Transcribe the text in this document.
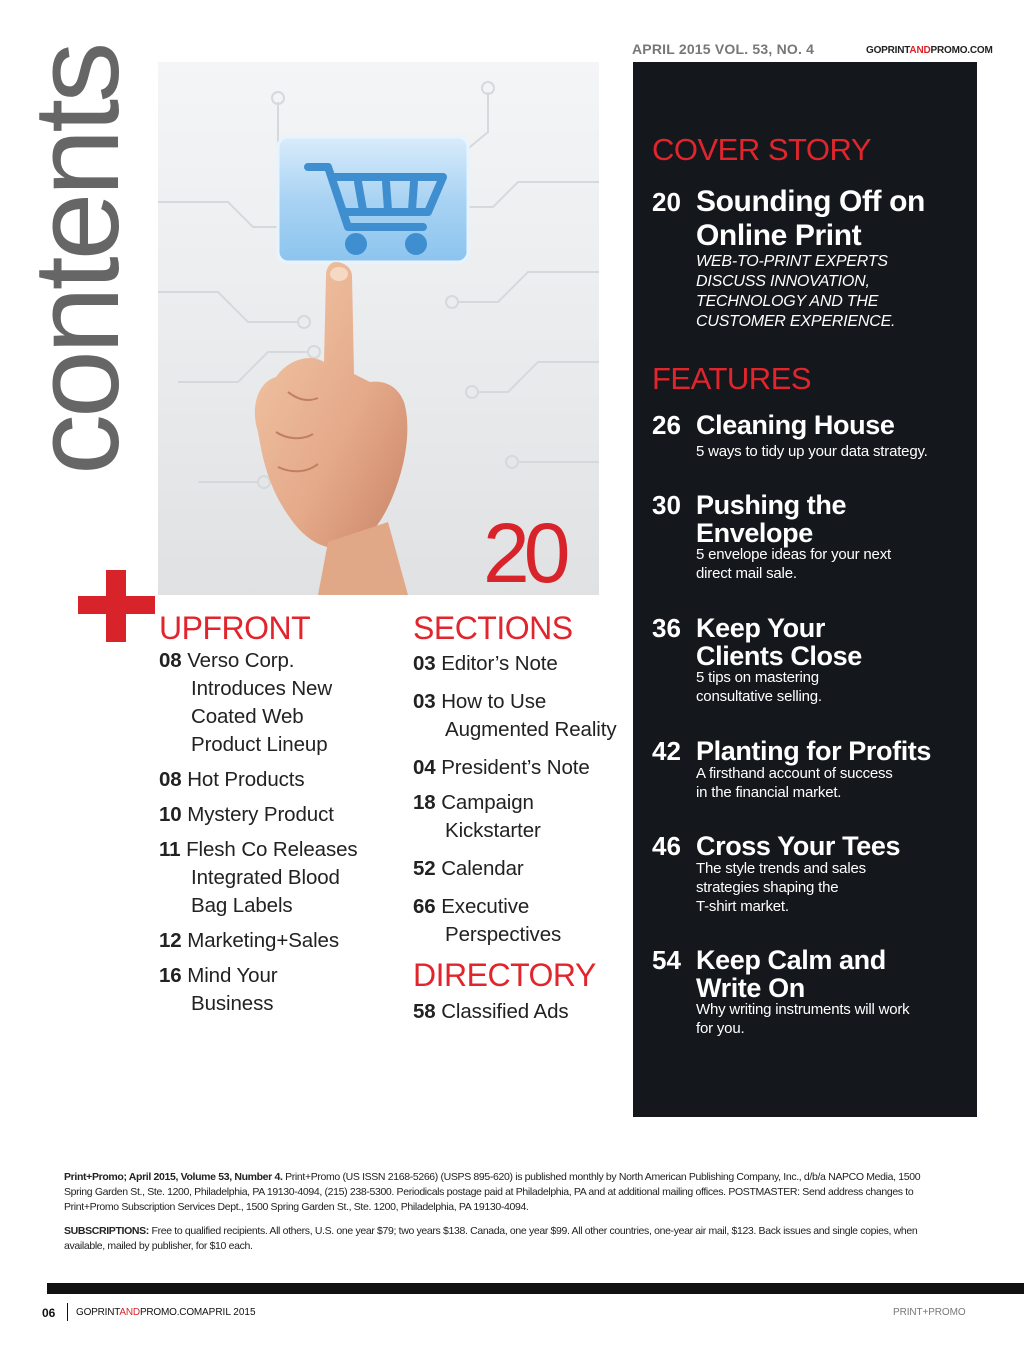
APRIL 2015 VOL. 53, NO. 4	GOPRINTANDPROMO.COM
contents
20
COVER STORY
20 Sounding Off on
Online Print
WEB-TO-PRINT EXPERTS
DISCUSS INNOVATION,
TECHNOLOGY AND THE
CUSTOMER EXPERIENCE.
FEATURES
26 Cleaning House
5 ways to tidy up your data strategy.
30 Pushing the
Envelope
5 envelope ideas for your next
direct mail sale.
36 Keep Your
Clients Close
5 tips on mastering
consultative selling.
42 Planting for Profits
A firsthand account of success
in the financial market.
46 Cross Your Tees
The style trends and sales
strategies shaping the
T-shirt market.
54 Keep Calm and
Write On
Why writing instruments will work
for you.
UPFRONT
08 Verso Corp.
Introduces New
Coated Web
Product Lineup
08 Hot Products
10 Mystery Product
11 Flesh Co Releases
Integrated Blood
Bag Labels
12 Marketing+Sales
16 Mind Your
Business
SECTIONS
03 Editor’s Note
03 How to Use
Augmented Reality
04 President’s Note
18 Campaign
Kickstarter
52 Calendar
66 Executive
Perspectives
DIRECTORY
58 Classified Ads

Print+Promo; April 2015, Volume 53, Number 4. Print+Promo (US ISSN 2168-5266) (USPS 895-620) is published monthly by North American Publishing Company, Inc., d/b/a NAPCO Media, 1500 Spring Garden St., Ste. 1200, Philadelphia, PA 19130-4094, (215) 238-5300. Periodicals postage paid at Philadelphia, PA and at additional mailing offices. POSTMASTER: Send address changes to Print+Promo Subscription Services Dept., 1500 Spring Garden St., Ste. 1200, Philadelphia, PA 19130-4094.

SUBSCRIPTIONS: Free to qualified recipients. All others, U.S. one year $79; two years $138. Canada, one year $99. All other countries, one-year air mail, $123. Back issues and single copies, when available, mailed by publisher, for $10 each.

06 GOPRINTANDPROMO.COM APRIL 2015	PRINT+PROMO
